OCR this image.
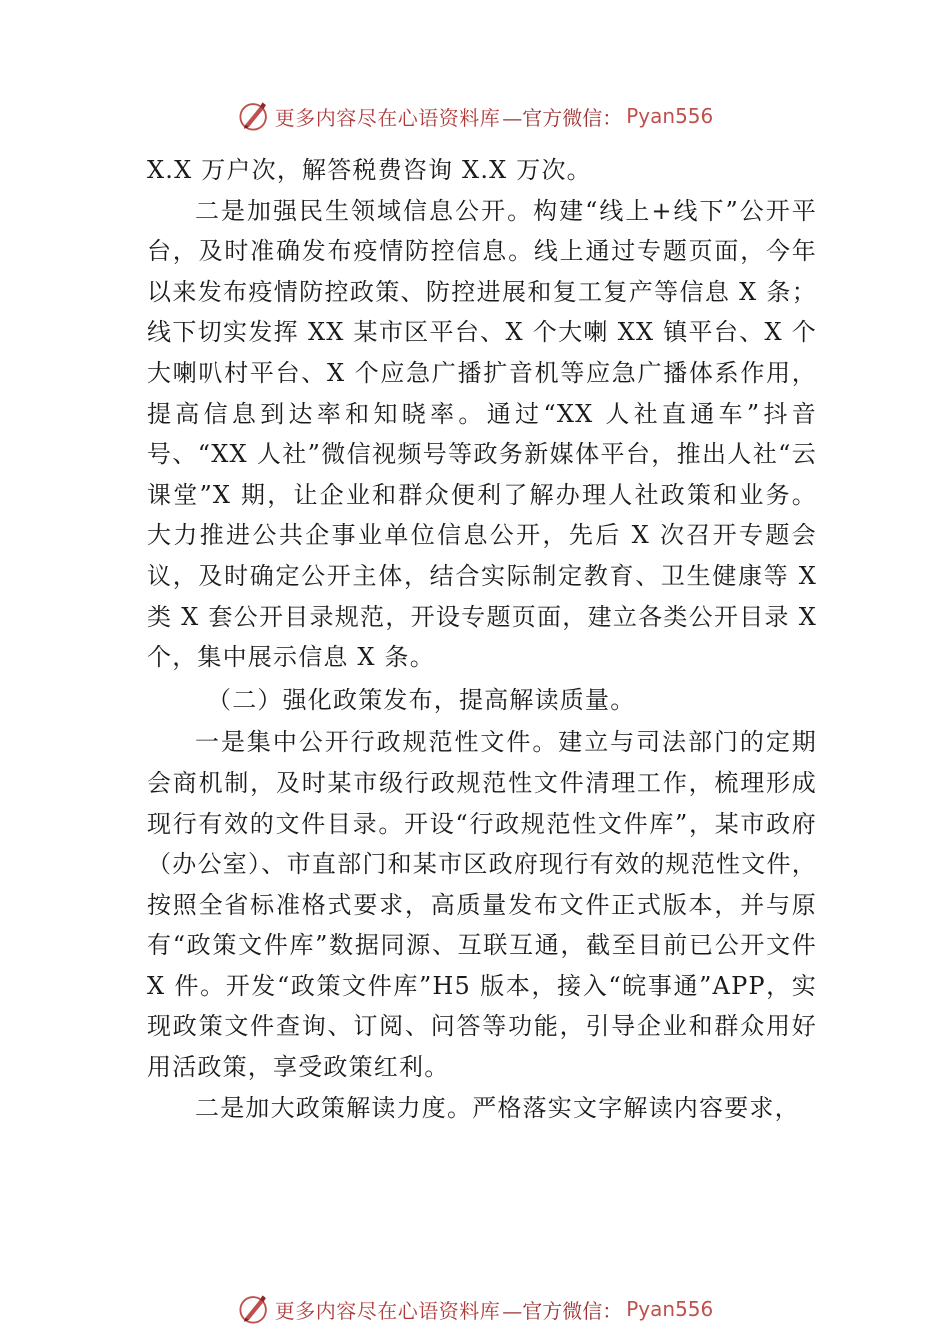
更多内容尽在心语资料库 —官方微信： Pyan556

X.X 万户次，解答税费咨询 X.X 万次。

二是加强民生领域信息公开。构建“线上+线下”公开平台，及时准确发布疫情防控信息。线上通过专题页面，今年以来发布疫情防控政策、防控进展和复工复产等信息 X 条；线下切实发挥 XX 某市区平台、X 个大喇 XX 镇平台、X 个大喇叭村平台、X 个应急广播扩音机等应急广播体系作用，提高信息到达率和知晓率。通过“XX 人社直通车”抖音号、“XX 人社”微信视频号等政务新媒体平台，推出人社“云课堂”X 期，让企业和群众便利了解办理人社政策和业务。大力推进公共企事业单位信息公开，先后 X 次召开专题会议，及时确定公开主体，结合实际制定教育、卫生健康等 X 类 X 套公开目录规范，开设专题页面，建立各类公开目录 X 个，集中展示信息 X 条。

（二）强化政策发布，提高解读质量。

一是集中公开行政规范性文件。建立与司法部门的定期会商机制，及时某市级行政规范性文件清理工作，梳理形成现行有效的文件目录。开设“行政规范性文件库”，某市政府（办公室）、市直部门和某市区政府现行有效的规范性文件，按照全省标准格式要求，高质量发布文件正式版本，并与原有“政策文件库”数据同源、互联互通，截至目前已公开文件 X 件。开发“政策文件库”H5 版本，接入“皖事通”APP，实现政策文件查询、订阅、问答等功能，引导企业和群众用好用活政策，享受政策红利。

二是加大政策解读力度。严格落实文字解读内容要求，

更多内容尽在心语资料库 —官方微信： Pyan556
